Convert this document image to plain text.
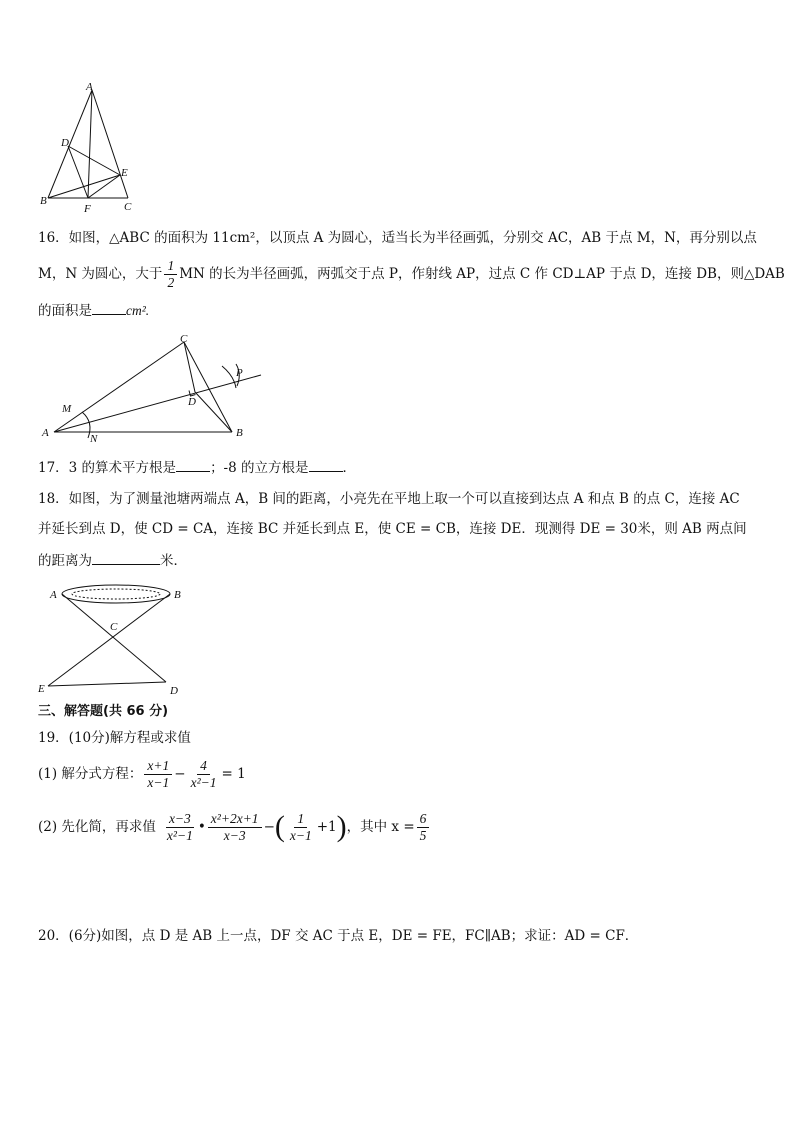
A
D
E
B
F	C
16．如图，△ABC 的面积为 11cm²，以顶点 A 为圆心，适当长为半径画弧，分别交 AC，AB 于点 M，N，再分别以点
M，N 为圆心，大于 $\frac{1}{2}$ MN 的长为半径画弧，两弧交于点 P，作射线 AP，过点 C 作 CD⊥AP 于点 D，连接 DB，则△DAB
的面积是	cm².
C
P
D
M
A	N	B
17．3 的算术平方根是	；-8 的立方根是	．
18．如图，为了测量池塘两端点 A，B 间的距离，小亮先在平地上取一个可以直接到达点 A 和点 B 的点 C，连接 AC
并延长到点 D，使 CD = CA，连接 BC 并延长到点 E，使 CE = CB，连接 DE．现测得 DE = 30米，则 AB 两点间
的距离为	米．
A	B
C
E	D
三、解答题(共 66 分)
19．(10分)解方程或求值
(1) 解分式方程： $\frac{x+1}{x-1} - \frac{4}{\text{x²−1}} = 1$
(2) 先化简，再求值 $\frac{x-3}{\text{x²−1}}$ • $\frac{\text{x²+2x+1}}{x-3}$ − ( $\frac{1}{x-1} +1$ ) ，其中 $x = \frac{6}{5}$
20．(6分)如图，点 D 是 AB 上一点，DF 交 AC 于点 E，DE = FE，FC∥AB；求证：AD = CF．
